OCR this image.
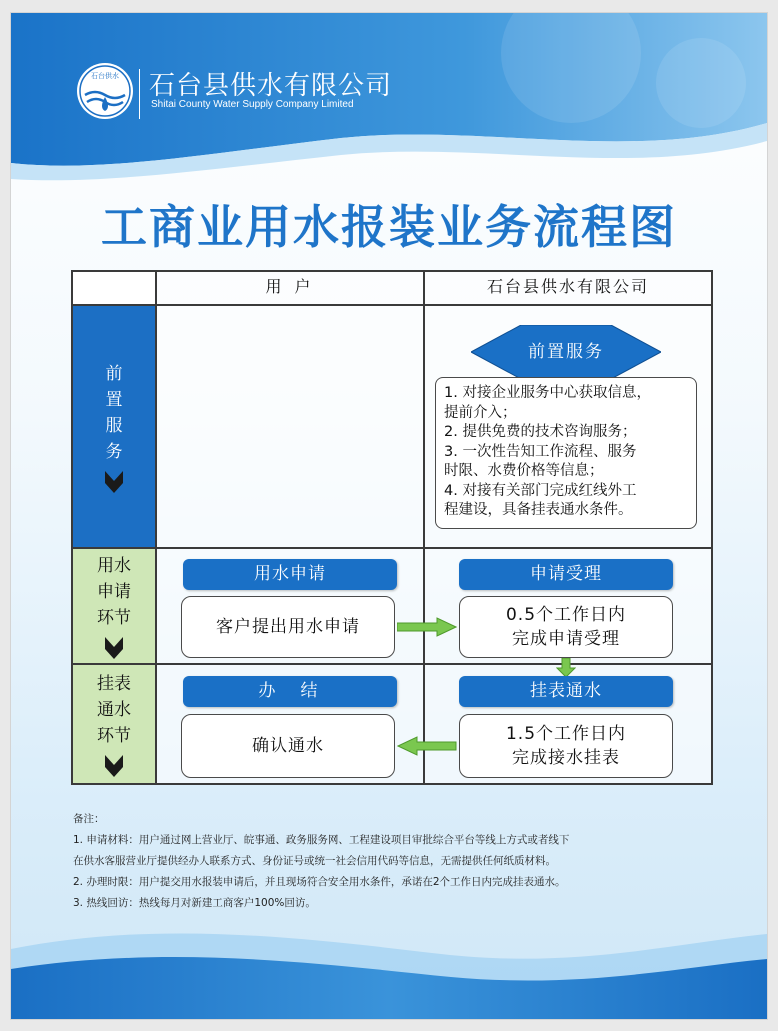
石台供水	石台县供水有限公司
Shitai County Water Supply Company Limited
工商业用水报装业务流程图
前
置
服
务
用水
申请
环节
挂表
通水
环节
用 户	石台县供水有限公司
前置服务
1. 对接企业服务中心获取信息，
提前介入；
2. 提供免费的技术咨询服务；
3. 一次性告知工作流程、服务
时限、水费价格等信息；
4. 对接有关部门完成红线外工
程建设，具备挂表通水条件。
用水申请
客户提出用水申请
申请受理
0.5个工作日内
完成申请受理
办　结
确认通水
挂表通水
1.5个工作日内
完成接水挂表
备注：
1. 申请材料：用户通过网上营业厅、皖事通、政务服务网、工程建设项目审批综合平台等线上方式或者线下
在供水客服营业厅提供经办人联系方式、身份证号或统一社会信用代码等信息，无需提供任何纸质材料。
2. 办理时限：用户提交用水报装申请后，并且现场符合安全用水条件，承诺在2个工作日内完成挂表通水。
3. 热线回访：热线每月对新建工商客户100%回访。
